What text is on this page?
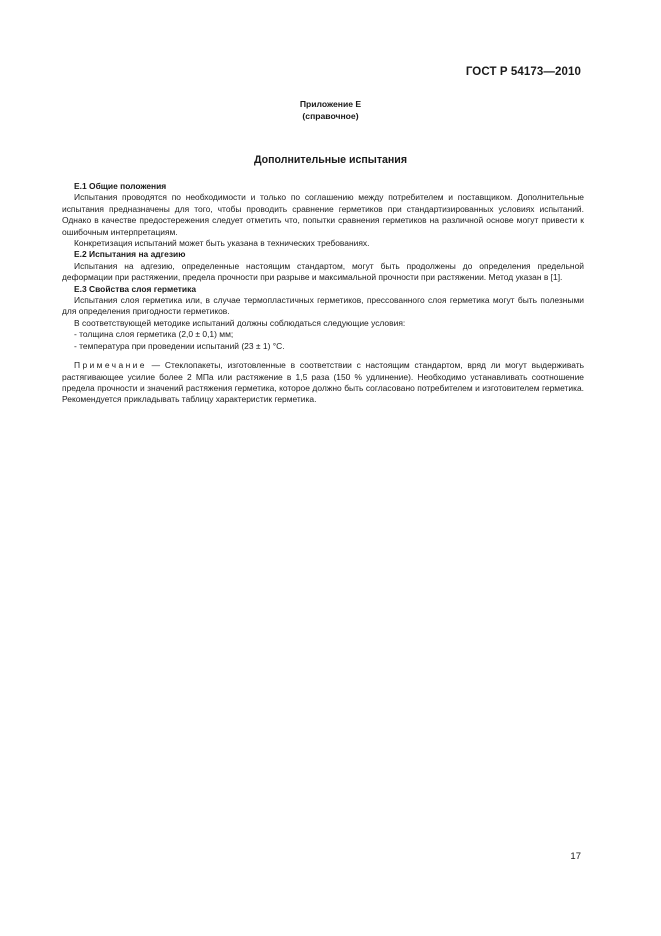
ГОСТ Р 54173—2010
Приложение Е
(справочное)
Дополнительные испытания

Е.1 Общие положения

Испытания проводятся по необходимости и только по соглашению между потребителем и поставщиком. Дополнительные испытания предназначены для того, чтобы проводить сравнение герметиков при стандартизированных условиях испытаний. Однако в качестве предостережения следует отметить что, попытки сравнения герметиков на различной основе могут привести к ошибочным интерпретациям.

Конкретизация испытаний может быть указана в технических требованиях.

Е.2 Испытания на адгезию

Испытания на адгезию, определенные настоящим стандартом, могут быть продолжены до определения предельной деформации при растяжении, предела прочности при разрыве и максимальной прочности при растяжении. Метод указан в [1].

Е.3 Свойства слоя герметика

Испытания слоя герметика или, в случае термопластичных герметиков, прессованного слоя герметика могут быть полезными для определения пригодности герметиков.

В соответствующей методике испытаний должны соблюдаться следующие условия:

- толщина слоя герметика (2,0 ± 0,1) мм;

- температура при проведении испытаний (23 ± 1) °С.

Примечание — Стеклопакеты, изготовленные в соответствии с настоящим стандартом, вряд ли могут выдерживать растягивающее усилие более 2 МПа или растяжение в 1,5 раза (150 % удлинение). Необходимо устанавливать соотношение предела прочности и значений растяжения герметика, которое должно быть согласовано потребителем и изготовителем герметика. Рекомендуется прикладывать таблицу характеристик герметика.

17
